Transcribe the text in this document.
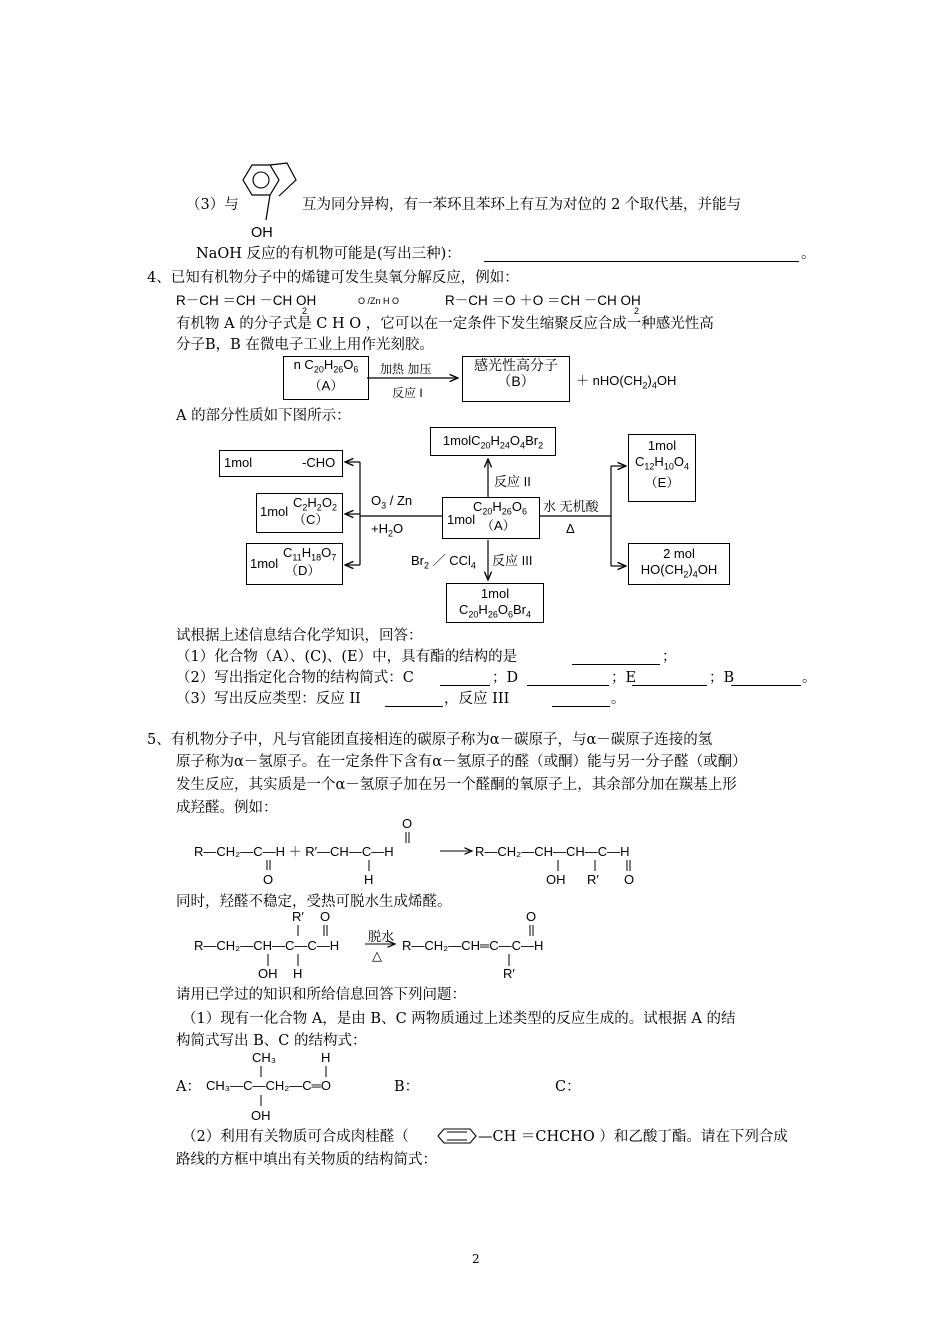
（3）与
OH
互为同分异构，有一苯环且苯环上有互为对位的 2 个取代基，并能与
NaOH 反应的有机物可能是(写出三种)：	。
4、已知有机物分子中的烯键可发生臭氧分解反应，例如：
R－CH ＝CH －CH OH
2
O /Zn H O	R－CH ＝O ＋O ＝CH －CH OH
2
有机物 A 的分子式是 C H O ，它可以在一定条件下发生缩聚反应合成一种感光性高
分子B，B 在微电子工业上用作光刻胶。
n $C_{20}H_{26}O_6$
（A）
加热 加压
反应 I
感光性高分子
（B）	＋ $nHO(CH_2)_4OH$
A 的部分性质如下图所示：
$1molC_{20}H_{24}O_4Br_2$
1mol	-CHO
1mol
$C_2H_2O_2$
（C）
1mol
$C_{11}H_{18}O_7$
（D）
$C_{20}H_{26}O_6$
1mol （A）
1mol
$C_{12}H_{10}O_4$
（E）
2 mol
$HO(CH_2)_4OH$
1mol
$C_{20}H_{26}O_6Br_4$
$O_3$ / Zn
$+H_2O$
反应 II
水 无机酸
Δ
$Br_2$ ／ CCl$_4$ 反应 III
试根据上述信息结合化学知识，回答：
（1）化合物（A）、(C)、(E）中，具有酯的结构的是	；
（2）写出指定化合物的结构简式：C	；D	；E	；B	。
（3）写出反应类型：反应 II	，反应 III	。
5、有机物分子中，凡与官能团直接相连的碳原子称为α－碳原子，与α－碳原子连接的氢
原子称为α－氢原子。在一定条件下含有α－氢原子的醛（或酮）能与另一分子醛（或酮）
发生反应，其实质是一个α－氢原子加在另一个醛酮的氧原子上，其余部分加在羰基上形
成羟醛。例如：
R—CH₂—C—H ＋ R′—CH—C—H	R—CH₂—CH—CH—C—H
O	H
O
OH R′ O
同时，羟醛不稳定，受热可脱水生成烯醛。
R′ O
R—CH₂—CH—C—C—H
OH H
脱水
△
R—CH₂—CH═C—C—H
O
R′
请用已学过的知识和所给信息回答下列问题：
（1）现有一化合物 A，是由 B、C 两物质通过上述类型的反应生成的。试根据 A 的结
构简式写出 B、C 的结构式：
CH₃
CH₃—C—CH₂—C═O
OH
H
A：	B：	C：
（2）利用有关物质可合成肉桂醛（	—CH ＝CHCHO ）和乙酸丁酯。请在下列合成
路线的方框中填出有关物质的结构简式：
2
